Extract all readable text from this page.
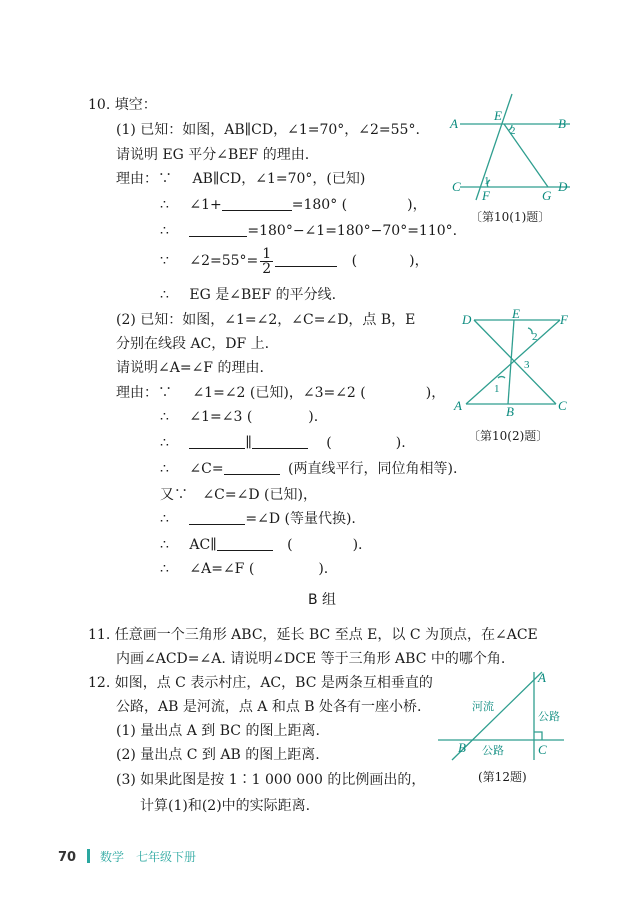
10. 填空：
(1) 已知：如图，AB∥CD，∠1=70°，∠2=55°.
请说明 EG 平分∠BEF 的理由.
理由：∵ AB∥CD，∠1=70°，(已知)
∴ ∠1+	=180° (	)，
∴	=180°−∠1=180°−70°=110°.
∵ ∠2=55°= $\frac{1}{2}$	(	)，
∴ EG 是∠BEF 的平分线.
(2) 已知：如图，∠1=∠2，∠C=∠D，点 B，E
分别在线段 AC，DF 上.
请说明∠A=∠F 的理由.
理由：∵ ∠1=∠2 (已知)，∠3=∠2 (	)，
∴ ∠1=∠3 (	).
∴	∥	(	).
∴ ∠C=	(两直线平行，同位角相等).
又∵ ∠C=∠D (已知)，
∴	=∠D (等量代换).
∴ AC∥	(	).
∴ ∠A=∠F (	).
B 组
11. 任意画一个三角形 ABC，延长 BC 至点 E，以 C 为顶点，在∠ACE
内画∠ACD=∠A. 请说明∠DCE 等于三角形 ABC 中的哪个角.
12. 如图，点 C 表示村庄，AC，BC 是两条互相垂直的
公路，AB 是河流，点 A 和点 B 处各有一座小桥.
(1) 量出点 A 到 BC 的图上距离.
(2) 量出点 C 到 AB 的图上距离.
(3) 如果此图是按 1∶1 000 000 的比例画出的，
计算(1)和(2)中的实际距离.
A	B
C	D
E
F	G
1
2
〔第10(1)题〕
D	E	F
A	B	C
1
2
3
〔第10(2)题〕
A
B	C
河流
公路
公路
(第12题)
70 数学　七年级下册
